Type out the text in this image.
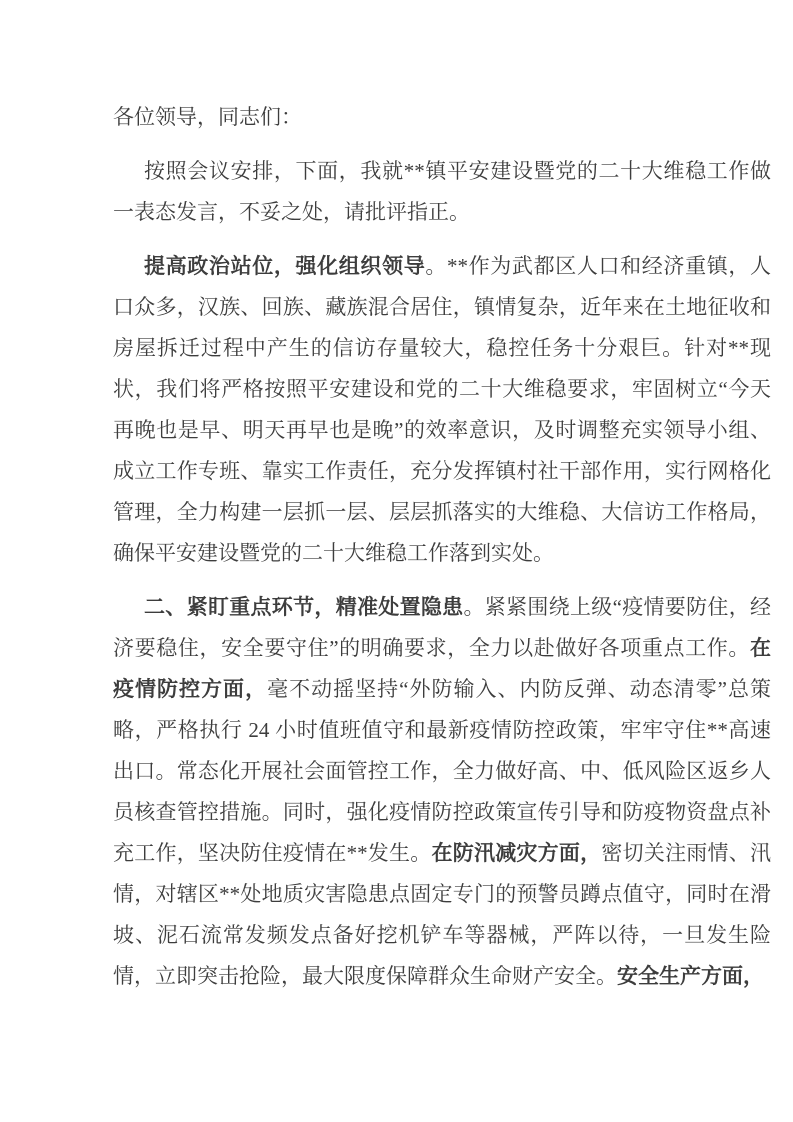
各位领导，同志们：

按照会议安排，下面，我就**镇平安建设暨党的二十大维稳工作做一表态发言，不妥之处，请批评指正。

提高政治站位，强化组织领导。**作为武都区人口和经济重镇，人口众多，汉族、回族、藏族混合居住，镇情复杂，近年来在土地征收和房屋拆迁过程中产生的信访存量较大，稳控任务十分艰巨。针对**现状，我们将严格按照平安建设和党的二十大维稳要求，牢固树立“今天再晚也是早、明天再早也是晚”的效率意识，及时调整充实领导小组、成立工作专班、靠实工作责任，充分发挥镇村社干部作用，实行网格化管理，全力构建一层抓一层、层层抓落实的大维稳、大信访工作格局，确保平安建设暨党的二十大维稳工作落到实处。

二、紧盯重点环节，精准处置隐患。紧紧围绕上级“疫情要防住，经济要稳住，安全要守住”的明确要求，全力以赴做好各项重点工作。在疫情防控方面，毫不动摇坚持“外防输入、内防反弹、动态清零”总策略，严格执行 24 小时值班值守和最新疫情防控政策，牢牢守住**高速出口。常态化开展社会面管控工作，全力做好高、中、低风险区返乡人员核查管控措施。同时，强化疫情防控政策宣传引导和防疫物资盘点补充工作，坚决防住疫情在**发生。在防汛减灾方面，密切关注雨情、汛情，对辖区**处地质灾害隐患点固定专门的预警员蹲点值守，同时在滑坡、泥石流常发频发点备好挖机铲车等器械，严阵以待，一旦发生险情，立即突击抢险，最大限度保障群众生命财产安全。安全生产方面，
